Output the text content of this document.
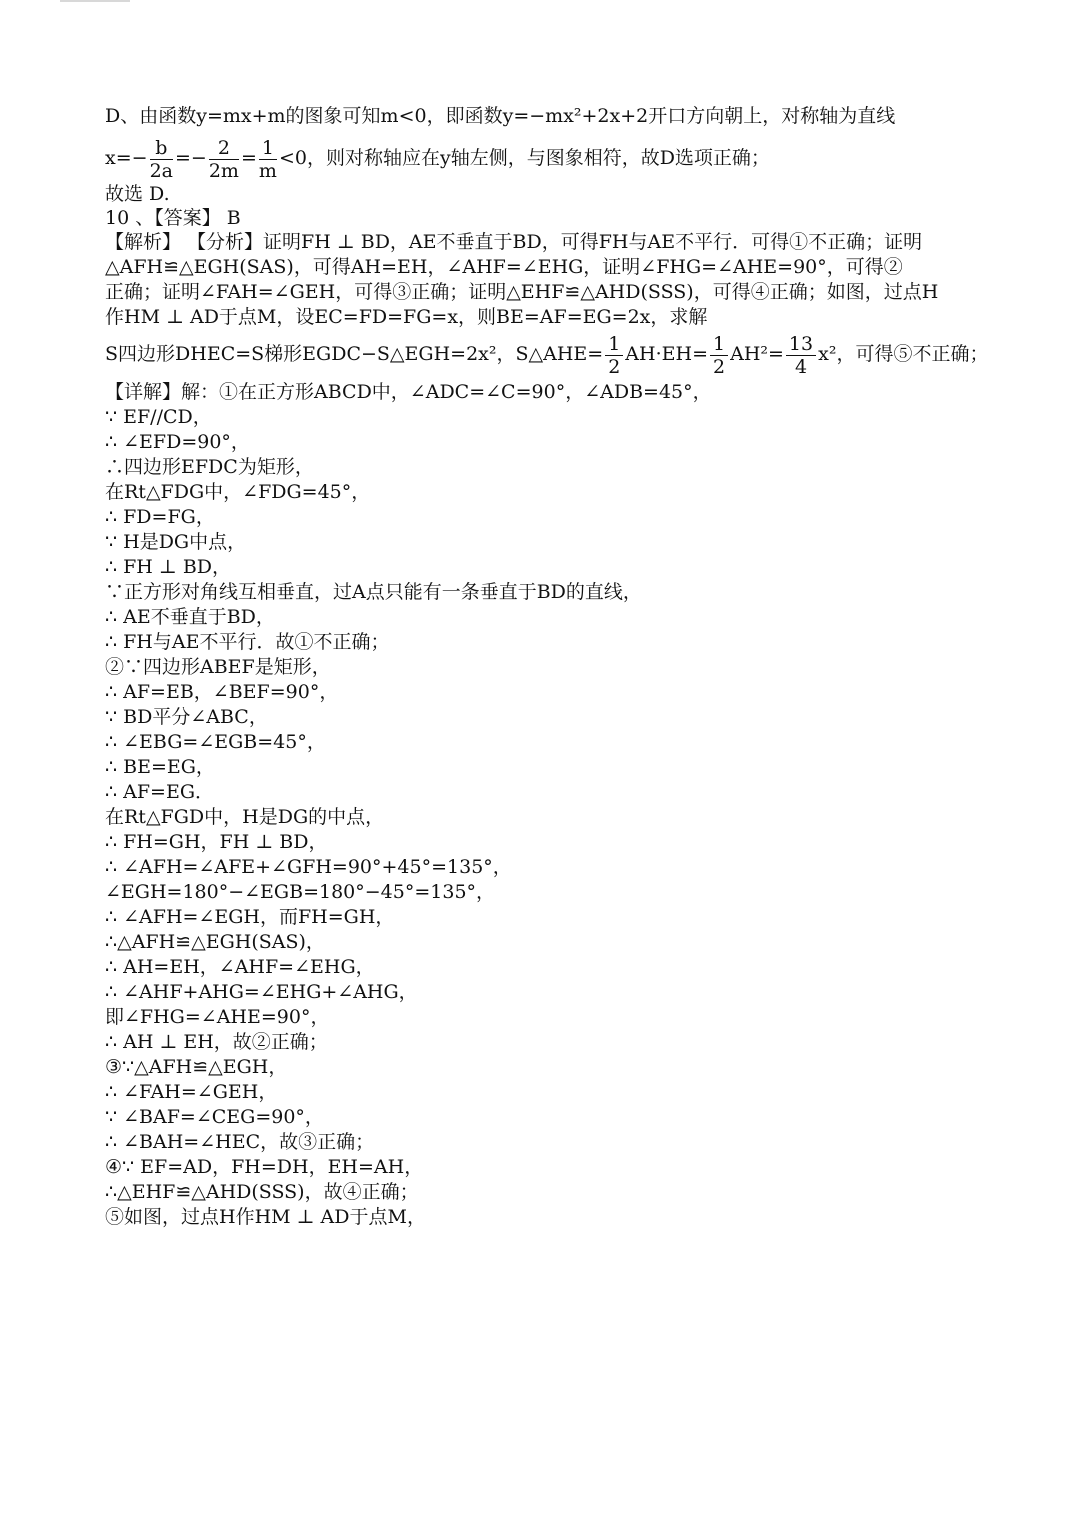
D、由函数y=mx+m的图象可知m<0，即函数y=−mx²+2x+2开口方向朝上，对称轴为直线
$x=- \frac{b}{2a} =- \frac{2}{2m} = \frac{1}{m} <0$，则对称轴应在y轴左侧，与图象相符，故D选项正确；
故选 D.
10 、【答案】 B
【解析】 【分析】证明FH ⊥ BD，AE不垂直于BD，可得FH与AE不平行．可得①不正确；证明
△AFH≌△EGH(SAS)，可得AH=EH，∠AHF=∠EHG，证明∠FHG=∠AHE=90°，可得②
正确；证明∠FAH=∠GEH，可得③正确；证明△EHF≌△AHD(SSS)，可得④正确；如图，过点H
作HM ⊥ AD于点M，设EC=FD=FG=x，则BE=AF=EG=2x，求解
S四边形DHEC=S梯形EGDC−S△EGH=2x²，S△AHE= $\frac{1}{2} AH\cdot EH= \frac{1}{2} AH^2= \frac{13}{4} x^2$，可得⑤不正确；
【详解】解：①在正方形ABCD中，∠ADC=∠C=90°，∠ADB=45°，
∵ EF//CD，
∴ ∠EFD=90°，
∴四边形EFDC为矩形，
在Rt△FDG中，∠FDG=45°，
∴ FD=FG，
∵ H是DG中点，
∴ FH ⊥ BD，
∵正方形对角线互相垂直，过A点只能有一条垂直于BD的直线，
∴ AE不垂直于BD，
∴ FH与AE不平行．故①不正确；
②∵四边形ABEF是矩形，
∴ AF=EB，∠BEF=90°，
∵ BD平分∠ABC，
∴ ∠EBG=∠EGB=45°，
∴ BE=EG，
∴ AF=EG．
在Rt△FGD中，H是DG的中点，
∴ FH=GH，FH ⊥ BD，
∴ ∠AFH=∠AFE+∠GFH=90°+45°=135°，
∠EGH=180°−∠EGB=180°−45°=135°，
∴ ∠AFH=∠EGH，而FH=GH，
∴△AFH≌△EGH(SAS)，
∴ AH=EH，∠AHF=∠EHG，
∴ ∠AHF+AHG=∠EHG+∠AHG，
即∠FHG=∠AHE=90°，
∴ AH ⊥ EH，故②正确；
③∵△AFH≌△EGH，
∴ ∠FAH=∠GEH，
∵ ∠BAF=∠CEG=90°，
∴ ∠BAH=∠HEC，故③正确；
④∵ EF=AD，FH=DH，EH=AH，
∴△EHF≌△AHD(SSS)，故④正确；
⑤如图，过点H作HM ⊥ AD于点M，
